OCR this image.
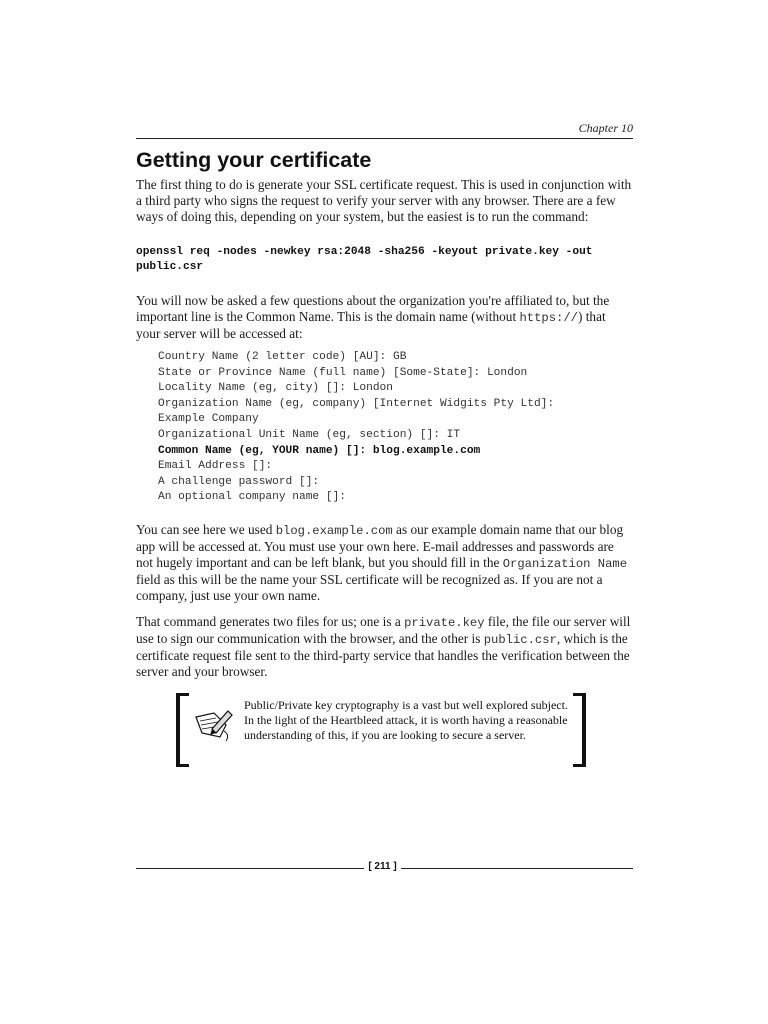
Chapter 10
Getting your certificate

The first thing to do is generate your SSL certificate request. This is used in conjunction with a third party who signs the request to verify your server with any browser. There are a few ways of doing this, depending on your system, but the easiest is to run the command:

openssl req -nodes -newkey rsa:2048 -sha256 -keyout private.key -out
public.csr

You will now be asked a few questions about the organization you're affiliated to, but the important line is the Common Name. This is the domain name (without https://) that your server will be accessed at:

Country Name (2 letter code) [AU]: GB
State or Province Name (full name) [Some-State]: London
Locality Name (eg, city) []: London
Organization Name (eg, company) [Internet Widgits Pty Ltd]:
Example Company
Organizational Unit Name (eg, section) []: IT
Common Name (eg, YOUR name) []: blog.example.com
Email Address []:
A challenge password []:
An optional company name []:

You can see here we used blog.example.com as our example domain name that our blog app will be accessed at. You must use your own here. E-mail addresses and passwords are not hugely important and can be left blank, but you should fill in the Organization Name field as this will be the name your SSL certificate will be recognized as. If you are not a company, just use your own name.

That command generates two files for us; one is a private.key file, the file our server will use to sign our communication with the browser, and the other is public.csr, which is the certificate request file sent to the third-party service that handles the verification between the server and your browser.

Public/Private key cryptography is a vast but well explored subject. In the light of the Heartbleed attack, it is worth having a reasonable understanding of this, if you are looking to secure a server.
[ 211 ]
